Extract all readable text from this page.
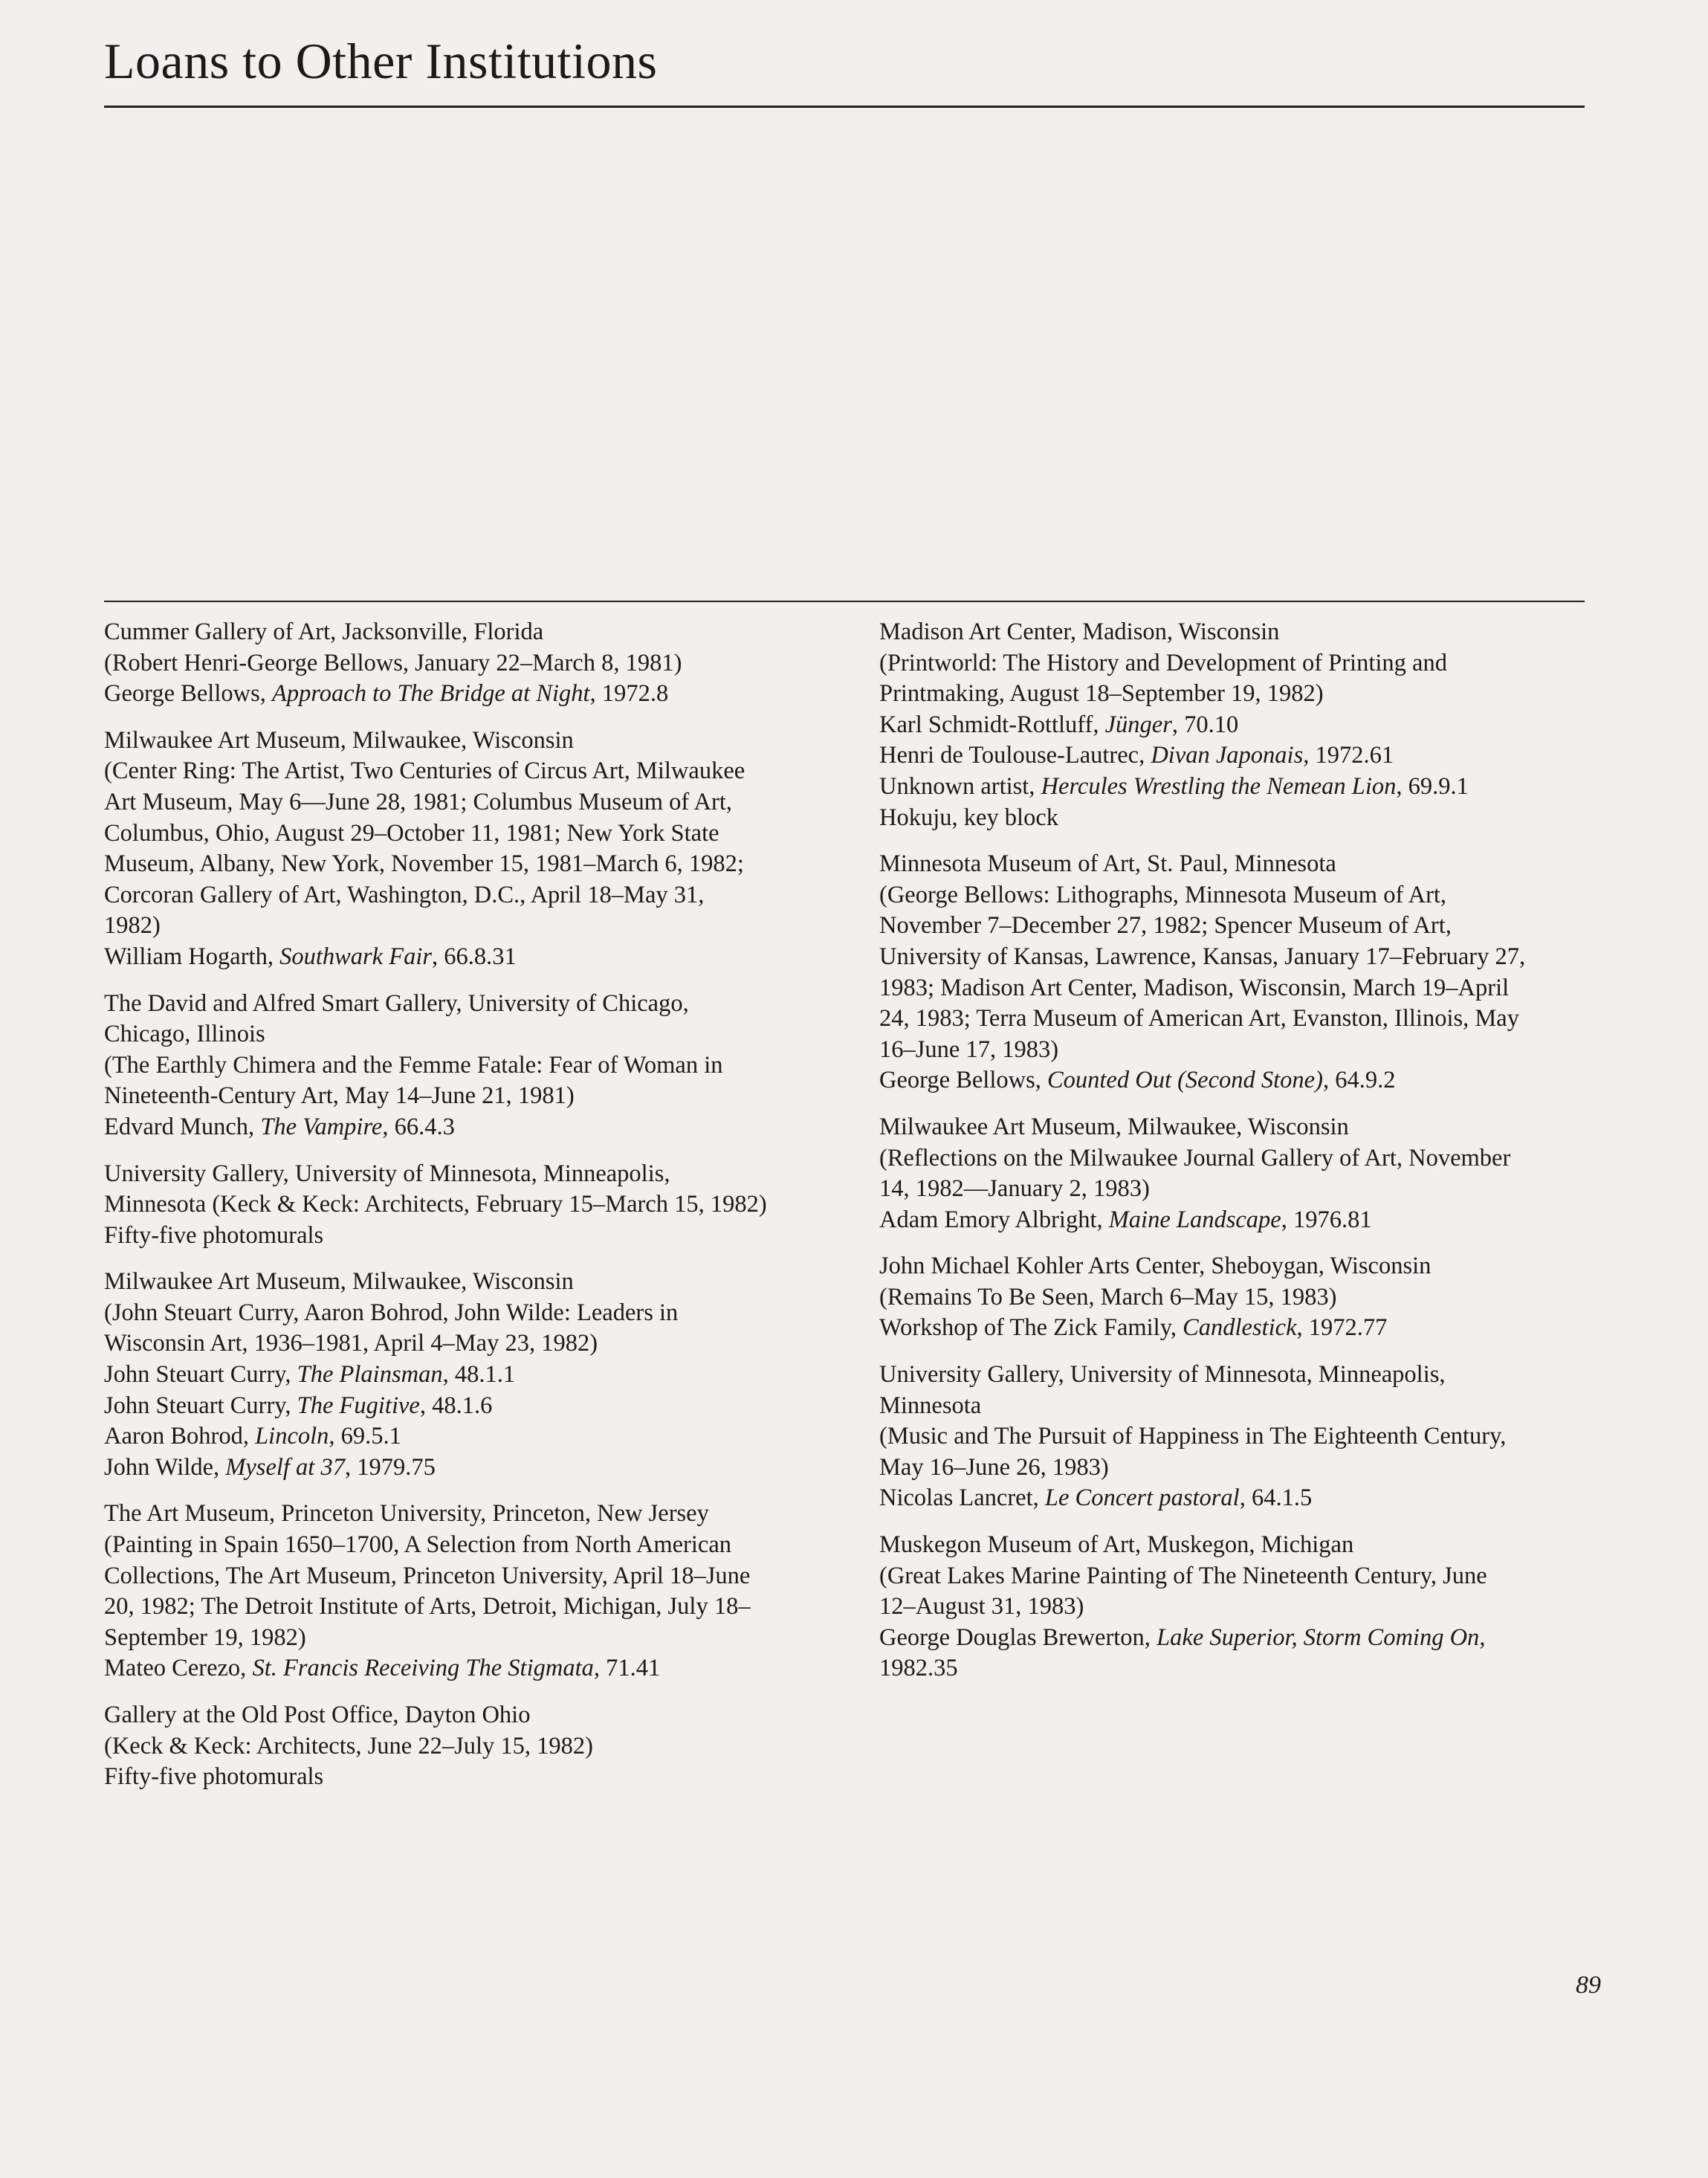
Loans to Other Institutions
Cummer Gallery of Art, Jacksonville, Florida
(Robert Henri-George Bellows, January 22–March 8, 1981)
George Bellows, Approach to The Bridge at Night, 1972.8
Milwaukee Art Museum, Milwaukee, Wisconsin
(Center Ring: The Artist, Two Centuries of Circus Art, Milwaukee
Art Museum, May 6—June 28, 1981; Columbus Museum of Art,
Columbus, Ohio, August 29–October 11, 1981; New York State
Museum, Albany, New York, November 15, 1981–March 6, 1982;
Corcoran Gallery of Art, Washington, D.C., April 18–May 31,
1982)
William Hogarth, Southwark Fair, 66.8.31
The David and Alfred Smart Gallery, University of Chicago,
Chicago, Illinois
(The Earthly Chimera and the Femme Fatale: Fear of Woman in
Nineteenth-Century Art, May 14–June 21, 1981)
Edvard Munch, The Vampire, 66.4.3
University Gallery, University of Minnesota, Minneapolis,
Minnesota (Keck & Keck: Architects, February 15–March 15, 1982)
Fifty-five photomurals
Milwaukee Art Museum, Milwaukee, Wisconsin
(John Steuart Curry, Aaron Bohrod, John Wilde: Leaders in
Wisconsin Art, 1936–1981, April 4–May 23, 1982)
John Steuart Curry, The Plainsman, 48.1.1
John Steuart Curry, The Fugitive, 48.1.6
Aaron Bohrod, Lincoln, 69.5.1
John Wilde, Myself at 37, 1979.75
The Art Museum, Princeton University, Princeton, New Jersey
(Painting in Spain 1650–1700, A Selection from North American
Collections, The Art Museum, Princeton University, April 18–June
20, 1982; The Detroit Institute of Arts, Detroit, Michigan, July 18–
September 19, 1982)
Mateo Cerezo, St. Francis Receiving The Stigmata, 71.41
Gallery at the Old Post Office, Dayton Ohio
(Keck & Keck: Architects, June 22–July 15, 1982)
Fifty-five photomurals
Madison Art Center, Madison, Wisconsin
(Printworld: The History and Development of Printing and
Printmaking, August 18–September 19, 1982)
Karl Schmidt-Rottluff, Jünger, 70.10
Henri de Toulouse-Lautrec, Divan Japonais, 1972.61
Unknown artist, Hercules Wrestling the Nemean Lion, 69.9.1
Hokuju, key block
Minnesota Museum of Art, St. Paul, Minnesota
(George Bellows: Lithographs, Minnesota Museum of Art,
November 7–December 27, 1982; Spencer Museum of Art,
University of Kansas, Lawrence, Kansas, January 17–February 27,
1983; Madison Art Center, Madison, Wisconsin, March 19–April
24, 1983; Terra Museum of American Art, Evanston, Illinois, May
16–June 17, 1983)
George Bellows, Counted Out (Second Stone), 64.9.2
Milwaukee Art Museum, Milwaukee, Wisconsin
(Reflections on the Milwaukee Journal Gallery of Art, November
14, 1982—January 2, 1983)
Adam Emory Albright, Maine Landscape, 1976.81
John Michael Kohler Arts Center, Sheboygan, Wisconsin
(Remains To Be Seen, March 6–May 15, 1983)
Workshop of The Zick Family, Candlestick, 1972.77
University Gallery, University of Minnesota, Minneapolis,
Minnesota
(Music and The Pursuit of Happiness in The Eighteenth Century,
May 16–June 26, 1983)
Nicolas Lancret, Le Concert pastoral, 64.1.5
Muskegon Museum of Art, Muskegon, Michigan
(Great Lakes Marine Painting of The Nineteenth Century, June
12–August 31, 1983)
George Douglas Brewerton, Lake Superior, Storm Coming On,
1982.35
89
